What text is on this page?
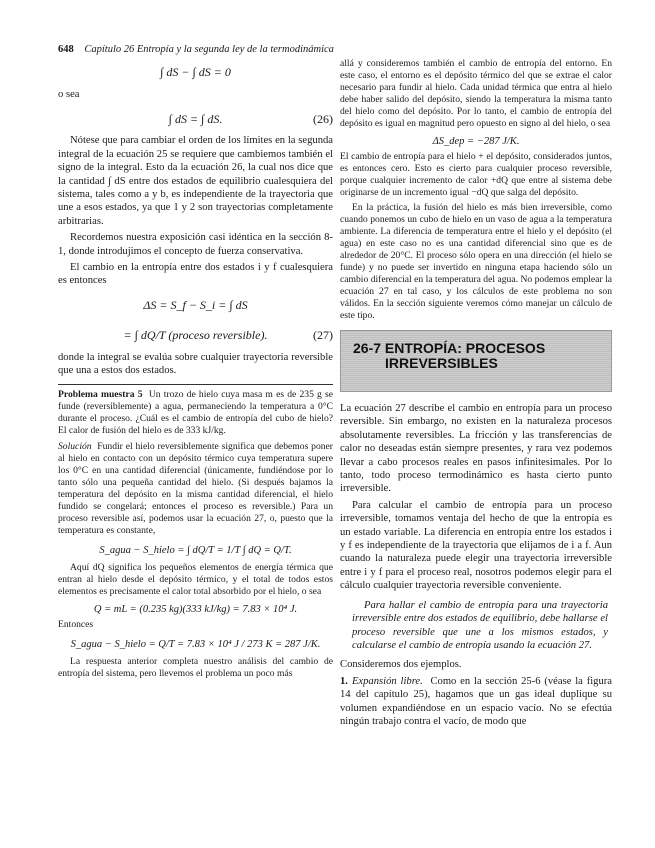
648 Capítulo 26 Entropía y la segunda ley de la termodinámica
∫ dS − ∫ dS = 0

o sea

∫ dS = ∫ dS.	(26)

Nótese que para cambiar el orden de los límites en la segunda integral de la ecuación 25 se requiere que cambiemos también el signo de la integral. Esto da la ecuación 26, la cual nos dice que la cantidad ∫ dS entre dos estados de equilibrio cualesquiera del sistema, tales como a y b, es independiente de la trayectoria que une a esos estados, ya que 1 y 2 son trayectorias completamente arbitrarias.

Recordemos nuestra exposición casi idéntica en la sección 8-1, donde introdujimos el concepto de fuerza conservativa.

El cambio en la entropía entre dos estados i y f cualesquiera es entonces

ΔS = S_f − S_i = ∫ dS
= ∫ dQ/T (proceso reversible).	(27)

donde la integral se evalúa sobre cualquier trayectoria reversible que una a estos dos estados.

Problema muestra 5 Un trozo de hielo cuya masa m es de 235 g se funde (reversiblemente) a agua, permaneciendo la temperatura a 0°C durante el proceso. ¿Cuál es el cambio de entropía del cubo de hielo? El calor de fusión del hielo es de 333 kJ/kg.

Solución Fundir el hielo reversiblemente significa que debemos poner al hielo en contacto con un depósito térmico cuya temperatura supere los 0°C en una cantidad diferencial (únicamente, fundiéndose por lo tanto sólo una pequeña cantidad del hielo. (Si después bajamos la temperatura del depósito en la misma cantidad diferencial, el hielo fundido se congelará; entonces el proceso es reversible.) Para un proceso reversible así, podemos usar la ecuación 27, o, puesto que la temperatura es constante,

S_agua − S_hielo = ∫ dQ/T = 1/T ∫ dQ = Q/T.

Aquí dQ significa los pequeños elementos de energía térmica que entran al hielo desde el depósito térmico, y el total de todos estos elementos es precisamente el calor total absorbido por el hielo, o sea

Q = mL = (0.235 kg)(333 kJ/kg) = 7.83 × 10⁴ J.

Entonces

S_agua − S_hielo = Q/T = 7.83 × 10⁴ J / 273 K = 287 J/K.

La respuesta anterior completa nuestro análisis del cambio de entropía del sistema, pero llevemos el problema un poco más

allá y consideremos también el cambio de entropía del entorno. En este caso, el entorno es el depósito térmico del que se extrae el calor necesario para fundir al hielo. Cada unidad térmica que entra al hielo debe haber salido del depósito, siendo la temperatura la misma tanto del hielo como del depósito. Por lo tanto, el cambio de entropía del depósito es igual en magnitud pero opuesto en signo al del hielo, o sea

ΔS_dep = −287 J/K.

El cambio de entropía para el hielo + el depósito, considerados juntos, es entonces cero. Esto es cierto para cualquier proceso reversible, porque cualquier incremento de calor +dQ que entre al sistema debe originarse de un incremento igual −dQ que salga del depósito.

En la práctica, la fusión del hielo es más bien irreversible, como cuando ponemos un cubo de hielo en un vaso de agua a la temperatura ambiente. La diferencia de temperatura entre el hielo y el depósito (el agua) en este caso no es una cantidad diferencial sino que es de alrededor de 20°C. El proceso sólo opera en una dirección (el hielo se funde) y no puede ser invertido en ninguna etapa haciendo sólo un cambio diferencial en la temperatura del agua. No podemos emplear la ecuación 27 en tal caso, y los cálculos de este problema no son válidos. En la sección siguiente veremos cómo manejar un cálculo de este tipo.

26-7 ENTROPÍA: PROCESOS
IRREVERSIBLES

La ecuación 27 describe el cambio en entropía para un proceso reversible. Sin embargo, no existen en la naturaleza procesos absolutamente reversibles. La fricción y las transferencias de calor no deseadas están siempre presentes, y rara vez podemos llevar a cabo procesos reales en pasos infinitesimales. Por lo tanto, todo proceso termodinámico es hasta cierto punto irreversible.

Para calcular el cambio de entropía para un proceso irreversible, tomamos ventaja del hecho de que la entropía es un estado variable. La diferencia en entropía entre los estados i y f es independiente de la trayectoria que elijamos de i a f. Aun cuando la naturaleza puede elegir una trayectoria irreversible entre i y f para el proceso real, nosotros podemos elegir para el cálculo cualquier trayectoria reversible conveniente.

Para hallar el cambio de entropía para una trayectoria irreversible entre dos estados de equilibrio, debe hallarse el proceso reversible que une a los mismos estados, y calcularse el cambio de entropía usando la ecuación 27.

Consideremos dos ejemplos.

1. Expansión libre. Como en la sección 25-6 (véase la figura 14 del capítulo 25), hagamos que un gas ideal duplique su volumen expandiéndose en un espacio vacío. No se efectúa ningún trabajo contra el vacío, de modo que
